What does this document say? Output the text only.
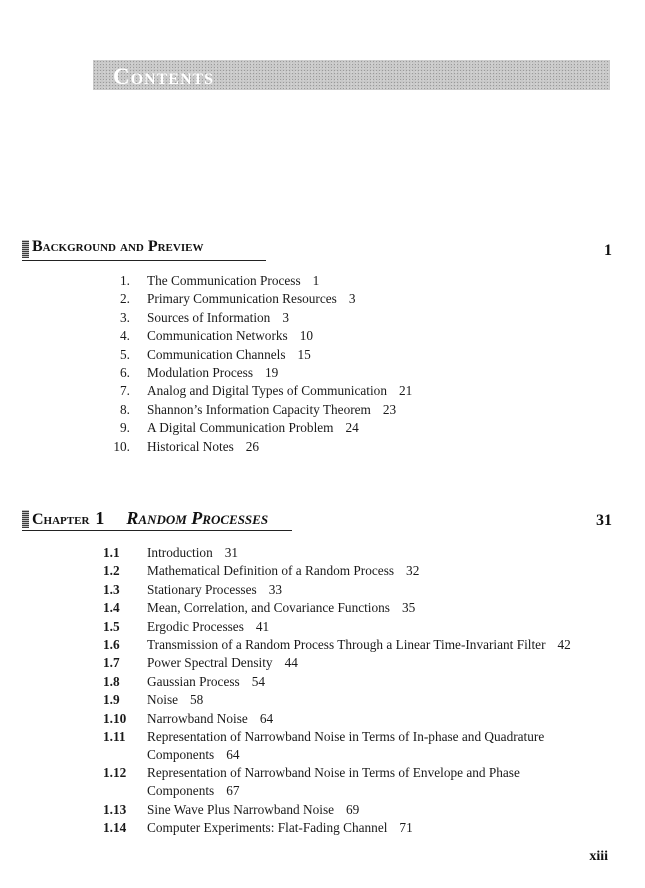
Contents
Background and Preview	1
1. The Communication Process 1
2. Primary Communication Resources 3
3. Sources of Information 3
4. Communication Networks 10
5. Communication Channels 15
6. Modulation Process 19
7. Analog and Digital Types of Communication 21
8. Shannon’s Information Capacity Theorem 23
9. A Digital Communication Problem 24
10. Historical Notes 26
Chapter 1 Random Processes	31
1.1	Introduction 31
1.2	Mathematical Definition of a Random Process 32
1.3	Stationary Processes 33
1.4	Mean, Correlation, and Covariance Functions 35
1.5	Ergodic Processes 41
1.6	Transmission of a Random Process Through a Linear Time-Invariant Filter 42
1.7	Power Spectral Density 44
1.8	Gaussian Process 54
1.9	Noise 58
1.10	Narrowband Noise 64
1.11	Representation of Narrowband Noise in Terms of In-phase and Quadrature
Components 64
1.12	Representation of Narrowband Noise in Terms of Envelope and Phase
Components 67
1.13	Sine Wave Plus Narrowband Noise 69
1.14	Computer Experiments: Flat-Fading Channel 71
xiii
